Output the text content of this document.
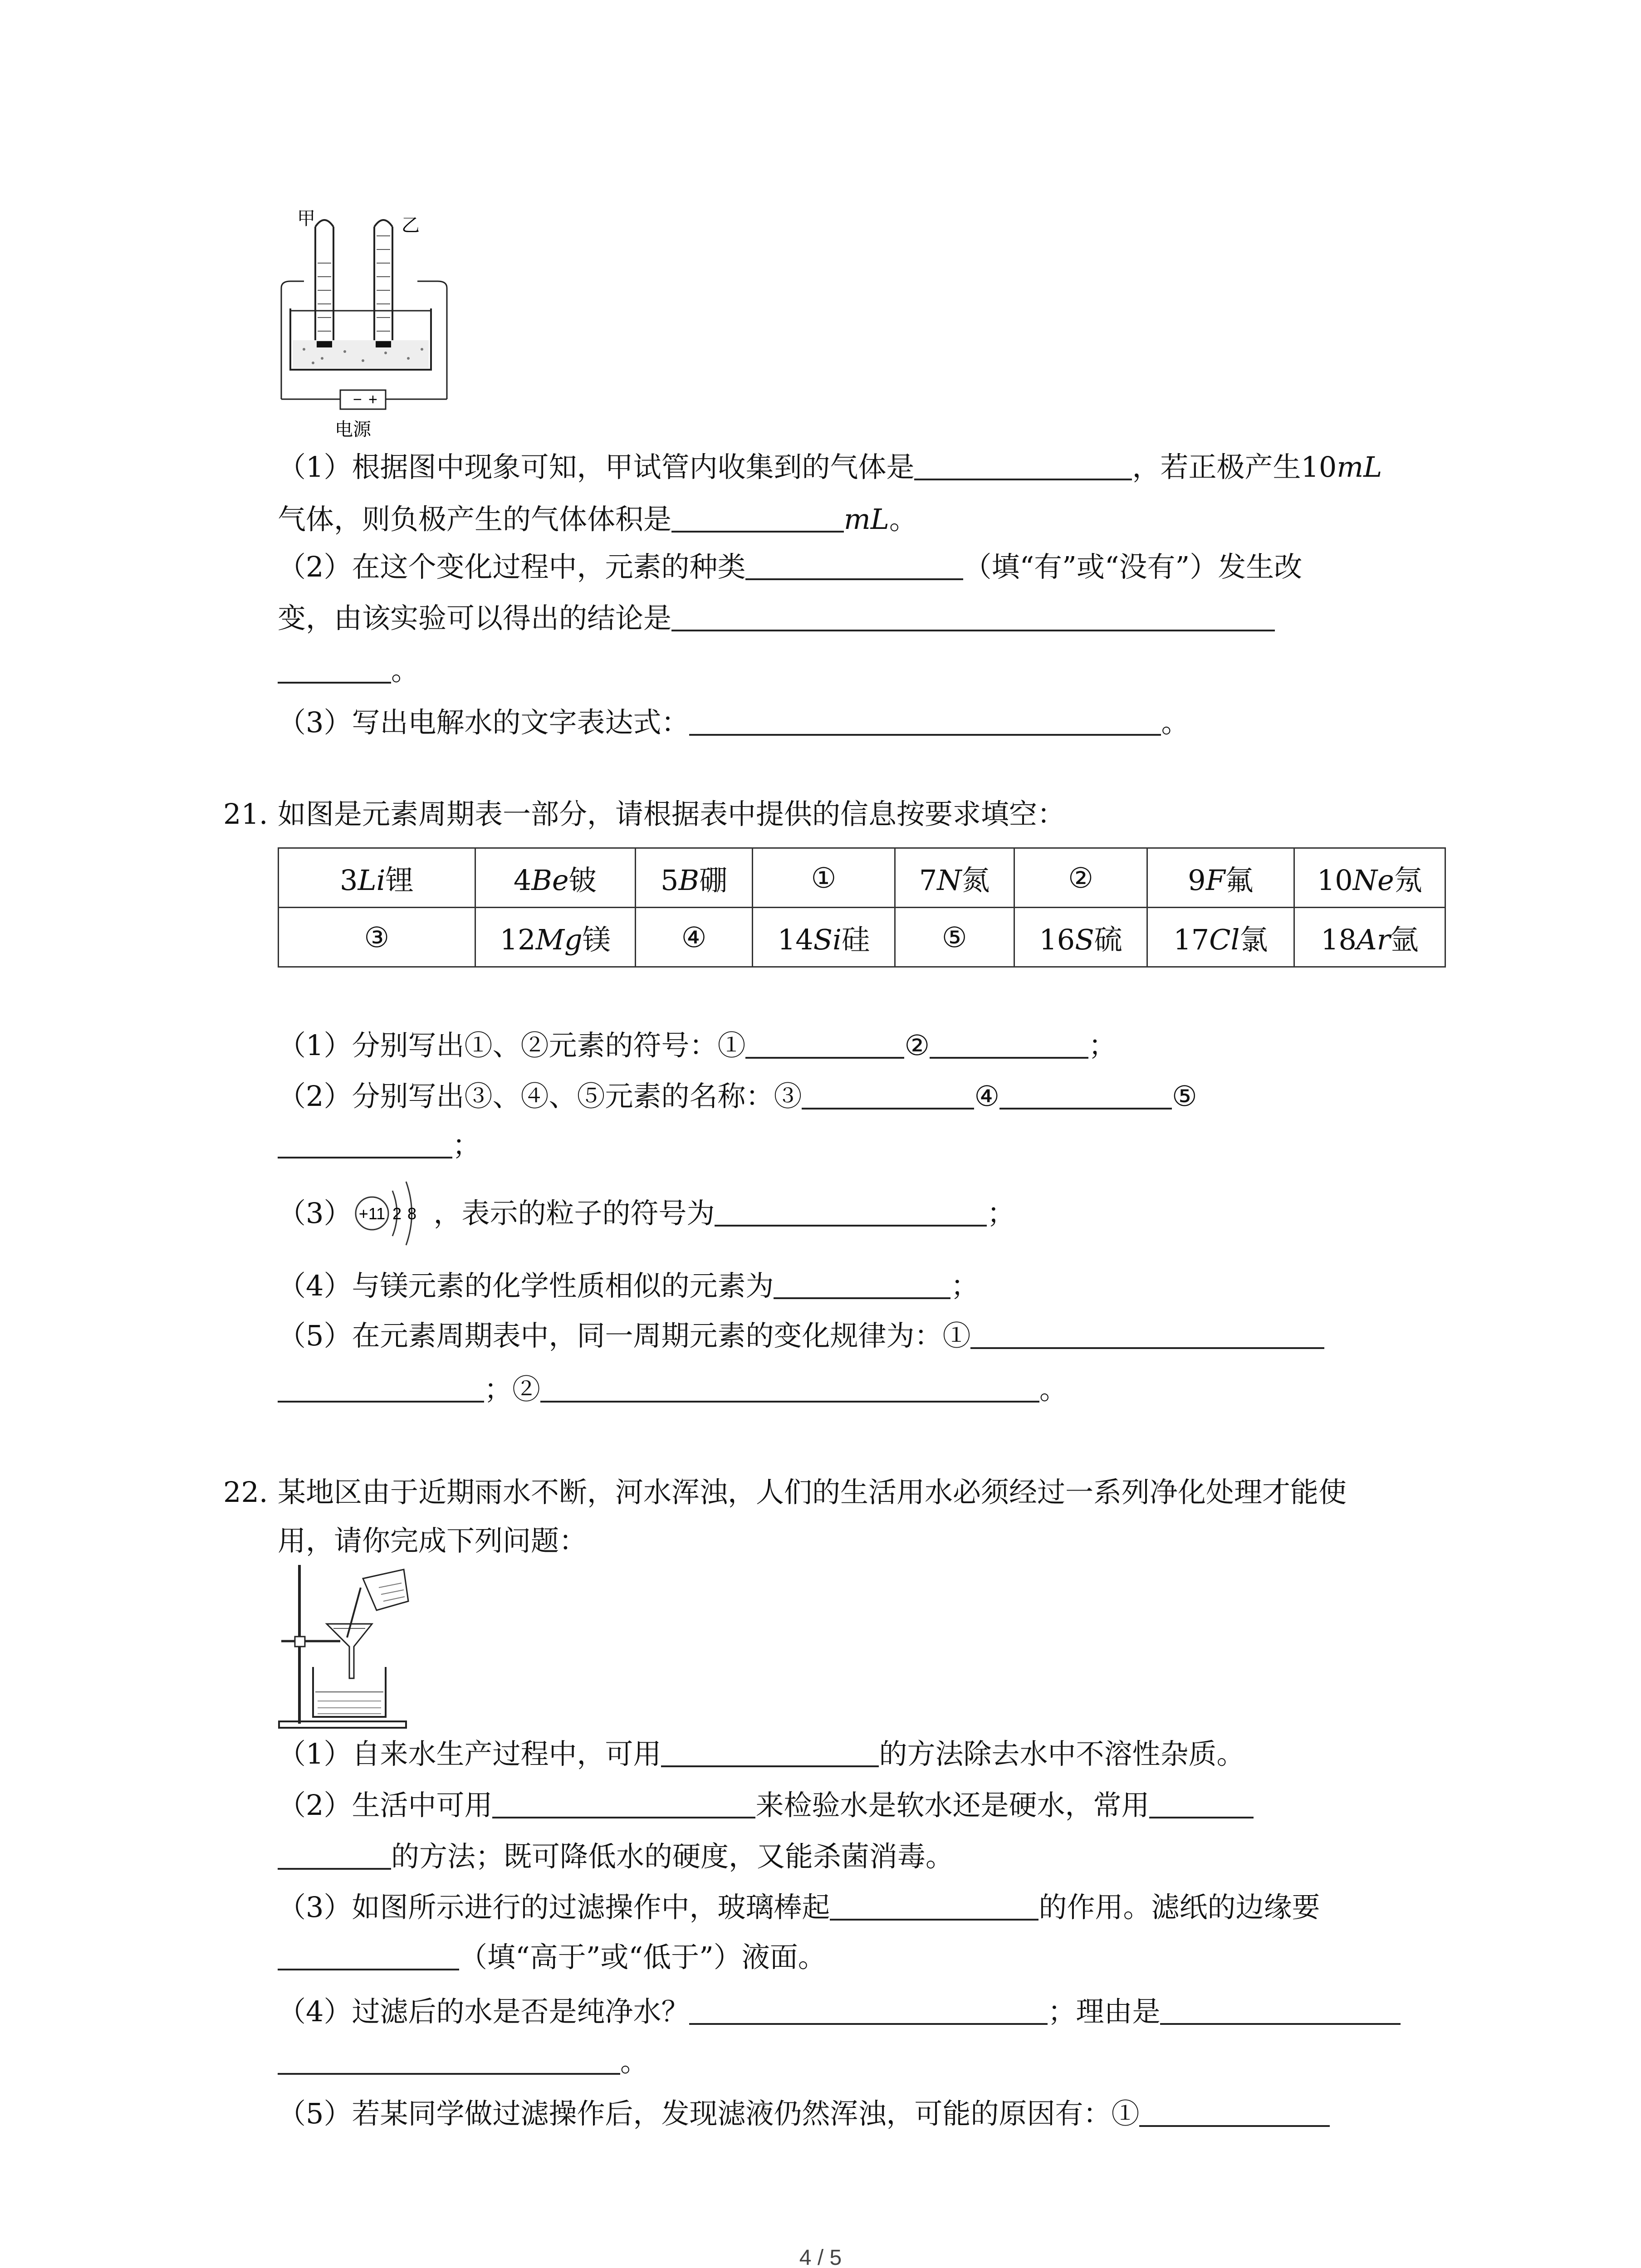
− +
甲	乙
电源
（1）根据图中现象可知，甲试管内收集到的气体是	，若正极产生10mL
气体，则负极产生的气体体积是	mL。
（2）在这个变化过程中，元素的种类	（填“有”或“没有”）发生改
变，由该实验可以得出的结论是
。
（3）写出电解水的文字表达式：	。
21. 如图是元素周期表一部分，请根据表中提供的信息按要求填空：
3Li锂	4Be铍	5B硼	①	7N氮	②	9F氟	10Ne氖
③	12Mg镁	④	14Si硅	⑤	16S硫	17Cl氯	18Ar氩
（1）分别写出①、②元素的符号：①	②	；
（2）分别写出③、④、⑤元素的名称：③	④	⑤
；
（3）	，表示的粒子的符号为	；
+11 2 8
（4）与镁元素的化学性质相似的元素为	；
（5）在元素周期表中，同一周期元素的变化规律为：①
；②	。
22. 某地区由于近期雨水不断，河水浑浊，人们的生活用水必须经过一系列净化处理才能使
用，请你完成下列问题：
（1）自来水生产过程中，可用	的方法除去水中不溶性杂质。
（2）生活中可用	来检验水是软水还是硬水，常用
的方法；既可降低水的硬度，又能杀菌消毒。
（3）如图所示进行的过滤操作中，玻璃棒起	的作用。滤纸的边缘要
（填“高于”或“低于”）液面。
（4）过滤后的水是否是纯净水？	；理由是
。
（5）若某同学做过滤操作后，发现滤液仍然浑浊，可能的原因有：①
4 / 5
